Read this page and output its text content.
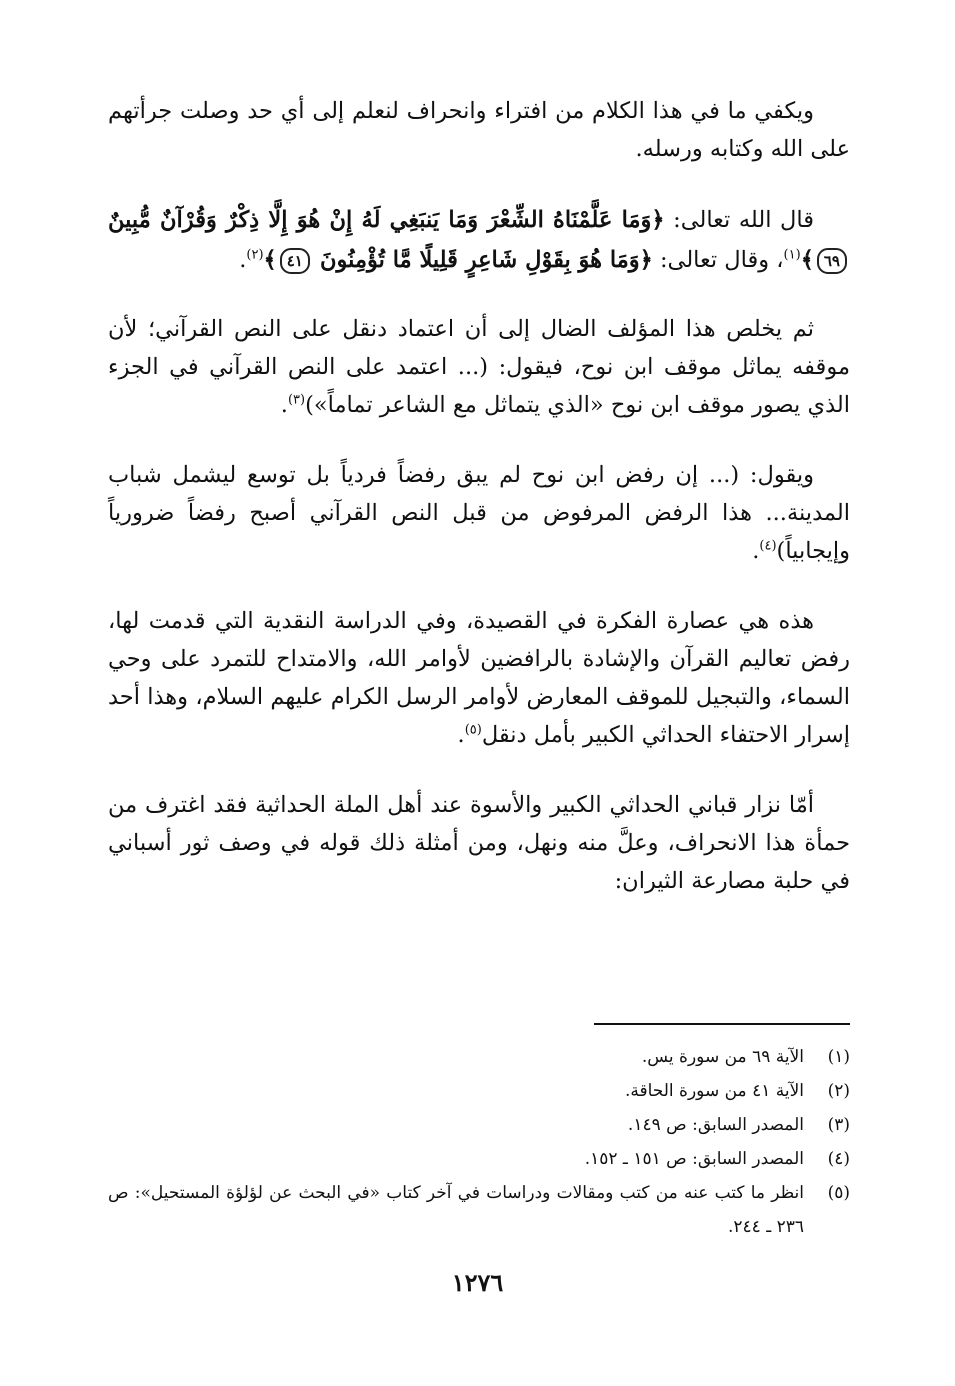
ويكفي ما في هذا الكلام من افتراء وانحراف لنعلم إلى أي حد وصلت جرأتهم على الله وكتابه ورسله.

قال الله تعالى: ﴿وَمَا عَلَّمْنَاهُ الشِّعْرَ وَمَا يَنبَغِي لَهُ إِنْ هُوَ إِلَّا ذِكْرٌ وَقُرْآنٌ مُّبِينٌ ٦٩﴾$^{(١)}$، وقال تعالى: ﴿وَمَا هُوَ بِقَوْلِ شَاعِرٍ قَلِيلًا مَّا تُؤْمِنُونَ ٤١﴾$^{(٢)}$.

ثم يخلص هذا المؤلف الضال إلى أن اعتماد دنقل على النص القرآني؛ لأن موقفه يماثل موقف ابن نوح، فيقول: (... اعتمد على النص القرآني في الجزء الذي يصور موقف ابن نوح «الذي يتماثل مع الشاعر تماماً»)$^{(٣)}$.

ويقول: (... إن رفض ابن نوح لم يبق رفضاً فردياً بل توسع ليشمل شباب المدينة... هذا الرفض المرفوض من قبل النص القرآني أصبح رفضاً ضرورياً وإيجابياً)$^{(٤)}$.

هذه هي عصارة الفكرة في القصيدة، وفي الدراسة النقدية التي قدمت لها، رفض تعاليم القرآن والإشادة بالرافضين لأوامر الله، والامتداح للتمرد على وحي السماء، والتبجيل للموقف المعارض لأوامر الرسل الكرام عليهم السلام، وهذا أحد إسرار الاحتفاء الحداثي الكبير بأمل دنقل$^{(٥)}$.

أمّا نزار قباني الحداثي الكبير والأسوة عند أهل الملة الحداثية فقد اغترف من حمأة هذا الانحراف، وعلَّ منه ونهل، ومن أمثلة ذلك قوله في وصف ثور أسباني في حلبة مصارعة الثيران:

(١)
الآية ٦٩ من سورة يس.
(٢)
الآية ٤١ من سورة الحاقة.
(٣)
المصدر السابق: ص ١٤٩.
(٤)
المصدر السابق: ص ١٥١ ـ ١٥٢.
(٥)
انظر ما كتب عنه من كتب ومقالات ودراسات في آخر كتاب «في البحث عن لؤلؤة المستحيل»: ص ٢٣٦ ـ ٢٤٤.
١٢٧٦
